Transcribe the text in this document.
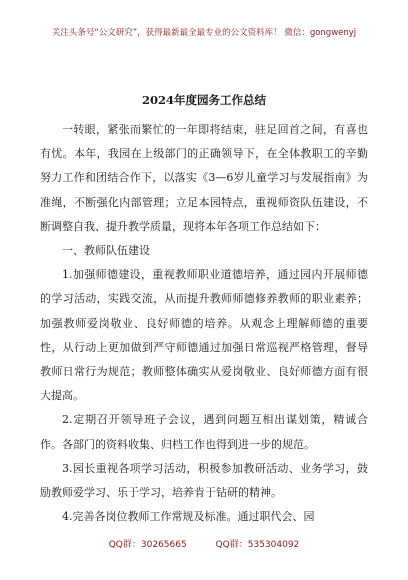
关注头条号“公文研究”，获得最新最全最专业的公文资料库！ 微信：gongwenyj
2024年度园务工作总结

一转眼，紧张而繁忙的一年即将结束，驻足回首之间，有喜也有忧。本年，我园在上级部门的正确领导下，在全体教职工的辛勤努力工作和团结合作下，以落实《3—6岁儿童学习与发展指南》为准绳，不断强化内部管理；立足本园特点，重视师资队伍建设，不断调整自我、提升教学质量，现将本年各项工作总结如下：

一、教师队伍建设

1.加强师德建设，重视教师职业道德培养，通过园内开展师德的学习活动，实践交流，从而提升教师师德修养教师的职业素养；加强教师爱岗敬业、良好师德的培养。从观念上理解师德的重要性，从行动上更加做到严守师德通过加强日常巡视严格管理，督导教师日常行为规范；教师整体确实从爱岗敬业、良好师德方面有很大提高。

2.定期召开领导班子会议，遇到问题互相出谋划策，精诚合作。各部门的资料收集、归档工作也得到进一步的规范。

3.园长重视各项学习活动，积极参加教研活动、业务学习，鼓励教师爱学习、乐于学习，培养肯于钻研的精神。

4.完善各岗位教师工作常规及标准。通过职代会、园

QQ群：30265665	QQ群：535304092
